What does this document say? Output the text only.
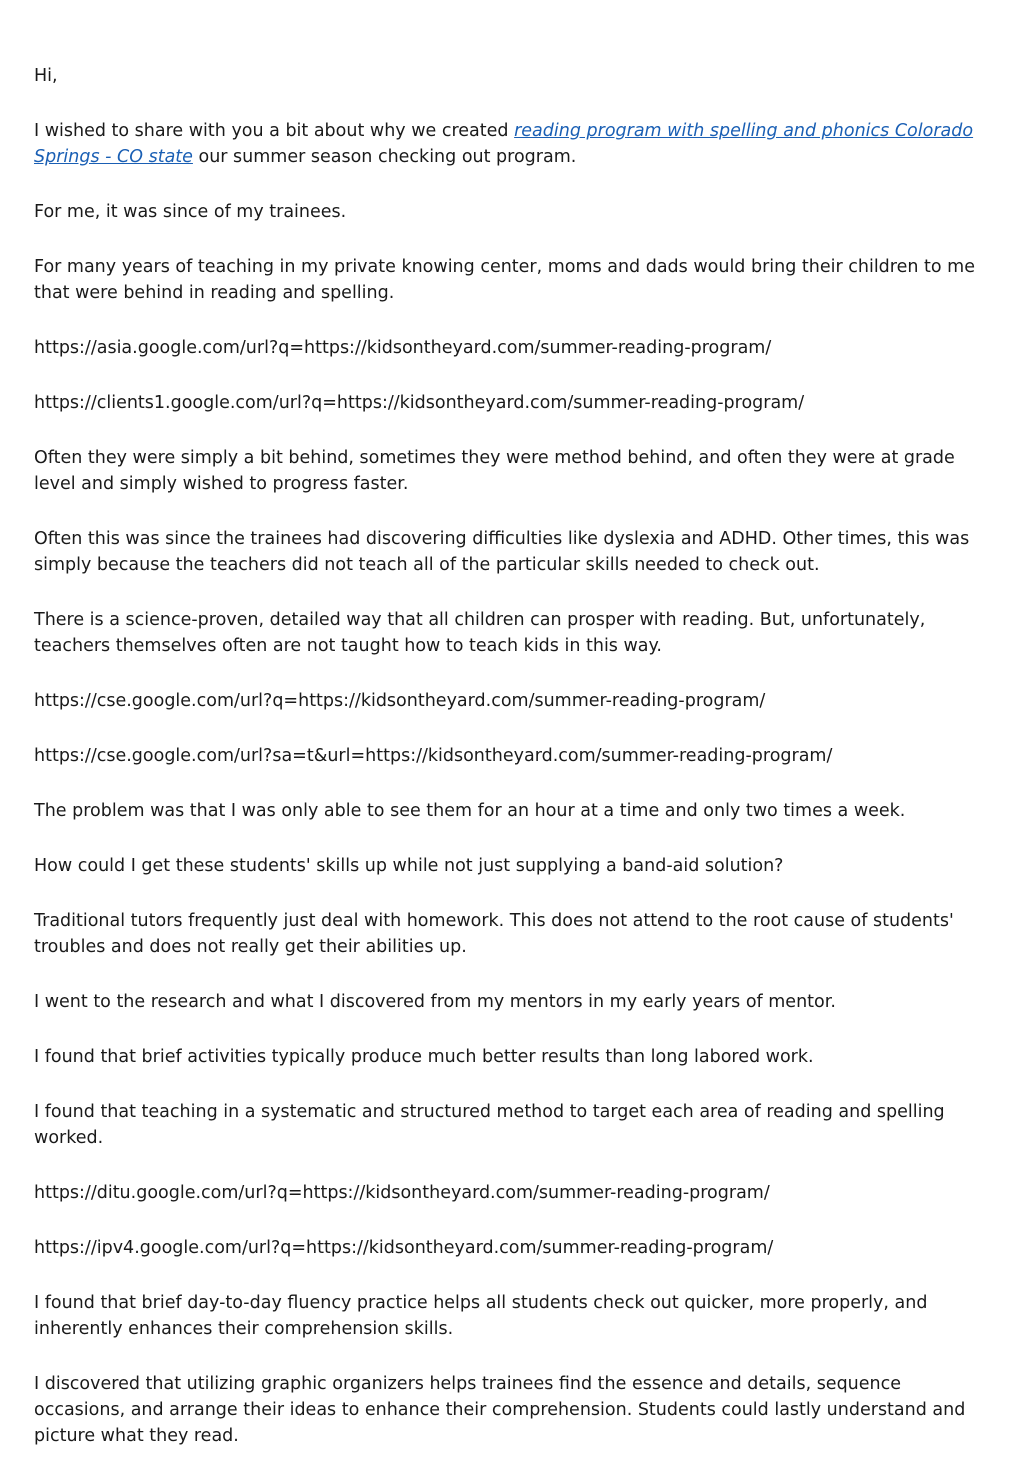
Hi,

I wished to share with you a bit about why we created reading program with spelling and phonics Colorado Springs - CO state our summer season checking out program.

For me, it was since of my trainees.

For many years of teaching in my private knowing center, moms and dads would bring their children to me that were behind in reading and spelling.

https://asia.google.com/url?q=https://kidsontheyard.com/summer-reading-program/

https://clients1.google.com/url?q=https://kidsontheyard.com/summer-reading-program/

Often they were simply a bit behind, sometimes they were method behind, and often they were at grade level and simply wished to progress faster.

Often this was since the trainees had discovering difficulties like dyslexia and ADHD. Other times, this was simply because the teachers did not teach all of the particular skills needed to check out.

There is a science-proven, detailed way that all children can prosper with reading. But, unfortunately, teachers themselves often are not taught how to teach kids in this way.

https://cse.google.com/url?q=https://kidsontheyard.com/summer-reading-program/

https://cse.google.com/url?sa=t&url=https://kidsontheyard.com/summer-reading-program/

The problem was that I was only able to see them for an hour at a time and only two times a week.

How could I get these students' skills up while not just supplying a band-aid solution?

Traditional tutors frequently just deal with homework. This does not attend to the root cause of students' troubles and does not really get their abilities up.

I went to the research and what I discovered from my mentors in my early years of mentor.

I found that brief activities typically produce much better results than long labored work.

I found that teaching in a systematic and structured method to target each area of reading and spelling worked.

https://ditu.google.com/url?q=https://kidsontheyard.com/summer-reading-program/

https://ipv4.google.com/url?q=https://kidsontheyard.com/summer-reading-program/

I found that brief day-to-day fluency practice helps all students check out quicker, more properly, and inherently enhances their comprehension skills.

I discovered that utilizing graphic organizers helps trainees find the essence and details, sequence occasions, and arrange their ideas to enhance their comprehension. Students could lastly understand and picture what they read.
